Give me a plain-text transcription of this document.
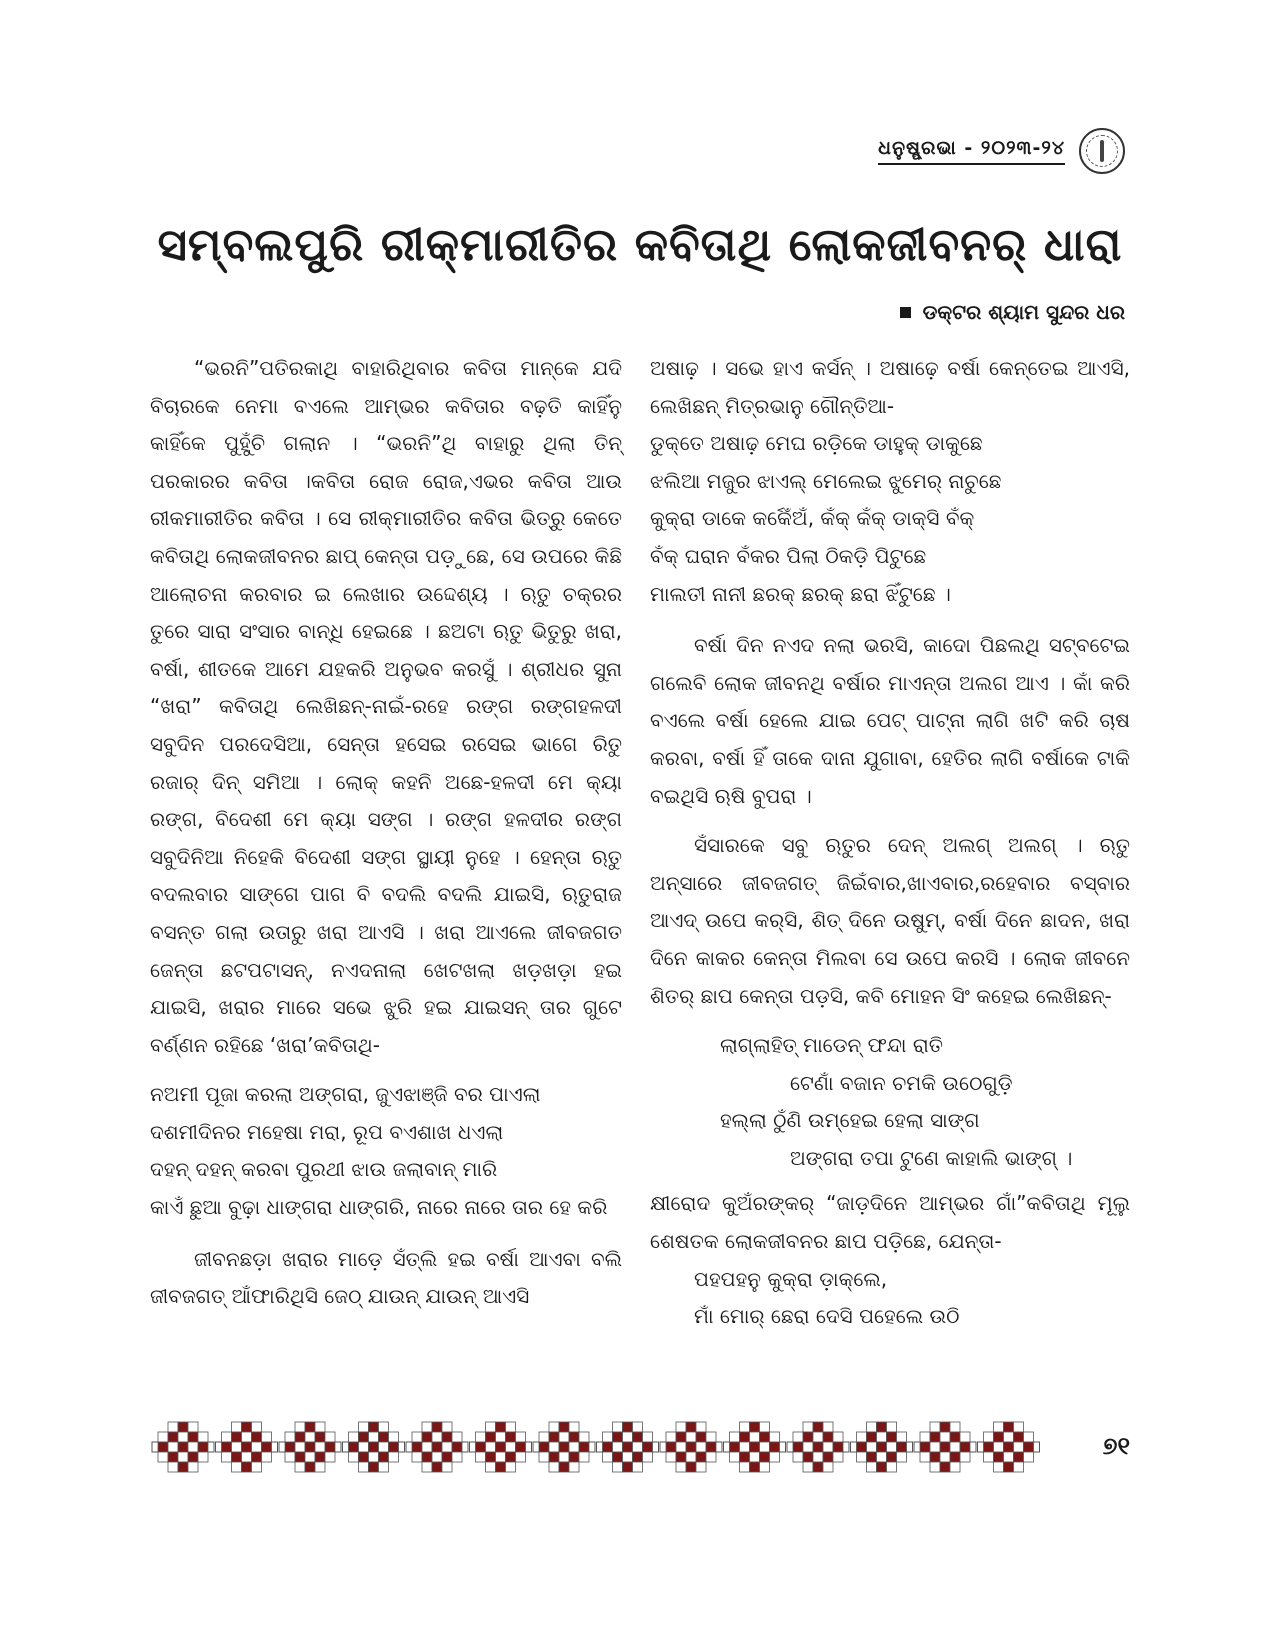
ଧନୁଷ୍ପ୍ରଭା - ୨୦୨୩-୨୪
ସମ୍ବଲପୁରି ରୀକ୍ମାରୀତିର କବିତାଥି ଲୋକଜୀବନର୍ ଧାରା
ଡକ୍ଟର ଶ୍ୟାମ ସୁନ୍ଦର ଧର

“ଭରନି”ପତିରକାଥି ବାହାରିଥିବାର କବିତା ମାନ୍‌କେ ଯଦି ବିଚାରକେ ନେମା ବଏଲେ ଆମ୍ଭର କବିତାର ବଢ଼ତି କାହିଁନୁ କାହିଁକେ ପୁହୁଁଚି ଗଲାନ । “ଭରନି”ଥି ବାହାରୁ ଥିଲା ତିନ୍ ପରକାରର କବିତା ।କବିତା ରୋଜ ରୋଜ,ଏଭର କବିତା ଆଉ ରୀକମାରୀତିର କବିତା । ସେ ରୀକ୍ମାରୀତିର କବିତା ଭିତ୍ରୁ କେତେ କବିତାଥି ଲୋକଜୀବନର ଛାପ୍ କେନ୍ତା ପଡ଼ୁଛେ, ସେ ଉପରେ କିଛି ଆଲୋଚନା କରବାର ଇ ଲେଖାର ଉଦ୍ଦେଶ୍ୟ । ଋତୁ ଚକ୍ରର ତୁରେ ସାରା ସଂସାର ବାନ୍ଧି ହେଇଛେ । ଛଅଟା ଋତୁ ଭିତୁରୁ ଖରା, ବର୍ଷା, ଶୀତକେ ଆମେ ଯହକରି ଅନୁଭବ କରସୁଁ । ଶ୍ରୀଧର ସୁନା “ଖରା” କବିତାଥି ଲେଖିଛନ୍-ନାଇଁ-ରହେ ରଙ୍ଗ ରଙ୍ଗହଳଦୀ ସବୁଦିନ ପରଦେସିଆ, ସେନ୍ତା ହସେଇ ରସେଇ ଭାଗେ ରିତୁ ରଜାର୍ ଦିନ୍ ସମିଆ । ଲୋକ୍ କହନି ଅଛେ-ହଳଦୀ ମେ କ୍ୟା ରଙ୍ଗ, ବିଦେଶୀ ମେ କ୍ୟା ସଙ୍ଗ । ରଙ୍ଗ ହଳଦୀର ରଙ୍ଗ ସବୁଦିନିଆ ନିହେକି ବିଦେଶୀ ସଙ୍ଗ ସ୍ଥାୟୀ ନୁହେ । ହେନ୍ତା ଋତୁ ବଦଲବାର ସାଙ୍ଗେ ପାଗ ବି ବଦଲି ବଦଲି ଯାଇସି, ଋତୁରାଜ ବସନ୍ତ ଗଲା ଉତାରୁ ଖରା ଆଏସି । ଖରା ଆଏଲେ ଜୀବଜଗତ ଜେନ୍ତା ଛଟପଟାସନ୍, ନଏଦନାଲା ଖେଟଖଲା ଖଡ଼ଖଡ଼ା ହଇ ଯାଇସି, ଖରାର ମାରେ ସଭେ ଝୁରି ହଇ ଯାଇସନ୍ ତାର ଗୁଟେ ବର୍ଣ୍ଣନ ରହିଛେ ‘ଖରା’କବିତାଥି-

ନଅମୀ ପୂଜା କରଲା ଅଙ୍ଗରା, ଜୁଏଝାଞ୍ଜି ବର ପାଏଲା
ଦଶମୀଦିନର ମହେଷା ମରା, ରୂପ ବଏଶାଖ ଧଏଲା
ଦହନ୍ ଦହନ୍ କରବା ପୁରଥୀ ଝାଉ ଜଲାବାନ୍ ମାରି
କାଏଁ ଛୁଆ ବୁଢ଼ା ଧାଙ୍ଗରା ଧାଙ୍ଗରି, ନାରେ ନାରେ ତାର ହେ କରି

ଜୀବନଛଡ଼ା ଖରାର ମାଡ଼େ ସଁତ୍‌ଲି ହଇ ବର୍ଷା ଆଏବା ବଲି ଜୀବଜଗତ୍ ଆଁଫାରିଥିସି ଜେଠ୍ ଯାଉନ୍ ଯାଉନ୍ ଆଏସି

ଅଷାଢ଼ । ସଭେ ହାଏ କର୍ସନ୍ । ଅଷାଢ଼େ ବର୍ଷା କେନ୍ତେଇ ଆଏସି, ଲେଖିଛନ୍ ମିତ୍ରଭାନୁ ଗୌନ୍ତିଆ-

ଡୁକ୍‌ତେ ଅଷାଢ଼ ମେଘ ରଡ଼ିକେ ଡାହୁକ୍ ଡାକୁଛେ
ଝଲିଆ ମଜୁର ଝାଏଲ୍ ମେଲେଇ ଝୁମେର୍ ନାଚୁଛେ
କୁକ୍ରା ଡାକେ କର୍କେଁଅଁ, କଁକ୍ କଁକ୍ ଡାକ୍‌ସି ବଁକ୍
ବଁକ୍ ଘରାନ ବଁକର ପିଲା ଠିକଡ଼ି ପିଟୁଛେ
ମାଲତୀ ନାନୀ ଛରକ୍ ଛରକ୍ ଛରା ଝିଁଟୁଛେ ।

ବର୍ଷା ଦିନ ନଏଦ ନଲା ଭରସି, କାଦୋ ପିଛଲଥି ସଟ୍‌ବଟେଇ ଗଲେବି ଲୋକ ଜୀବନଥି ବର୍ଷାର ମାଏନ୍ତା ଅଲଗ ଆଏ । କାଁ କରି ବଏଲେ ବର୍ଷା ହେଲେ ଯାଇ ପେଟ୍ ପାଟ୍‌ନା ଲାଗି ଖଟି କରି ଚାଷ କରବା, ବର୍ଷା ହିଁ ତାକେ ଦାନା ଯୁଗାବା, ହେତିର ଲାଗି ବର୍ଷାକେ ଟାକି ବଇଥିସି ଋଷି ବୁପରା ।

ସଁସାରକେ ସବୁ ଋତୁର ଦେନ୍ ଅଲଗ୍ ଅଲଗ୍ । ଋତୁ ଅନ୍‌ସାରେ ଜୀବଜଗତ୍ ଜିଇଁବାର,ଖାଏବାର,ରହେବାର ବସ୍‌ବାର ଆଏଦ୍ ଉପେ କର୍‌ସି, ଶିତ୍ ଦିନେ ଉଷୁମ୍, ବର୍ଷା ଦିନେ ଛାଦନ, ଖରା ଦିନେ କାକର କେନ୍ତା ମିଲବା ସେ ଉପେ କରସି । ଲୋକ ଜୀବନେ ଶିତର୍ ଛାପ କେନ୍ତା ପଡ଼ସି, କବି ମୋହନ ସିଂ କହେଇ ଲେଖିଛନ୍-

ଲାଗ୍‌ଲାହିତ୍ ମାଡେନ୍ ଫନ୍ଦା ରାତି
ଟେଣାଁ ବଜାନ ଚମକି ଉଠେଗୁଡ଼ି
ହଲ୍‌ଲା ଠୁଁଣି ଉମ୍‌ହେଇ ହେଲା ସାଙ୍ଗ
ଅଙ୍ଗରା ତପା ଟୁଣେ କାହାଲି ଭାଙ୍ଗ୍ ।

କ୍ଷୀରୋଦ କୁଅଁରଙ୍କର୍ “ଜାଡ଼ଦିନେ ଆମ୍ଭର ଗାଁ”କବିତାଥି ମୂଲୁ ଶେଷତକ ଲୋକଜୀବନର ଛାପ ପଡ଼ିଛେ, ଯେନ୍ତା-

ପହପହନୁ କୁକ୍ରା ଡ଼ାକ୍‌ଲେ,
ମାଁ ମୋର୍ ଛେରା ଦେସି ପହେଲେ ଉଠି
୭୧
